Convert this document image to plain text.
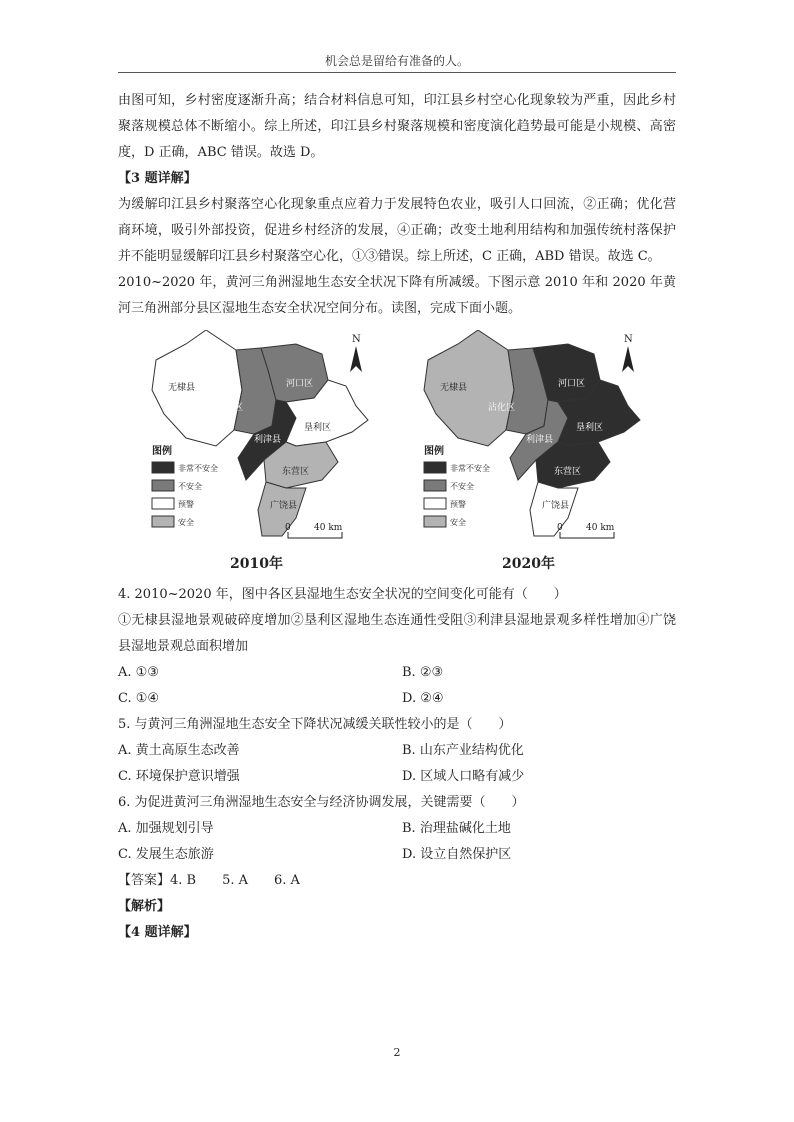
机会总是留给有准备的人。

由图可知，乡村密度逐渐升高；结合材料信息可知，印江县乡村空心化现象较为严重，因此乡村聚落规模总体不断缩小。综上所述，印江县乡村聚落规模和密度演化趋势最可能是小规模、高密度，D 正确，ABC 错误。故选 D。

【3 题详解】

为缓解印江县乡村聚落空心化现象重点应着力于发展特色农业，吸引人口回流，②正确；优化营商环境，吸引外部投资，促进乡村经济的发展，④正确；改变土地利用结构和加强传统村落保护并不能明显缓解印江县乡村聚落空心化，①③错误。综上所述，C 正确，ABD 错误。故选 C。

2010~2020 年，黄河三角洲湿地生态安全状况下降有所减缓。下图示意 2010 年和 2020 年黄河三角洲部分县区湿地生态安全状况空间分布。读图，完成下面小题。

无棣县
沾化区
河口区
利津县
垦利区
东营区
广饶县
N
图例
非常不安全
不安全
预警
安全
0	40 km
2010年
无棣县
沾化区
河口区
利津县
垦利区
东营区
广饶县
N
图例
非常不安全
不安全
预警
安全
0	40 km
2020年

4. 2010~2020 年，图中各区县湿地生态安全状况的空间变化可能有（　　）

①无棣县湿地景观破碎度增加②垦利区湿地生态连通性受阻③利津县湿地景观多样性增加④广饶县湿地景观总面积增加

A. ①③	B. ②③
C. ①④	D. ②④

5. 与黄河三角洲湿地生态安全下降状况减缓关联性较小的是（　　）

A. 黄土高原生态改善	B. 山东产业结构优化
C. 环境保护意识增强	D. 区域人口略有减少

6. 为促进黄河三角洲湿地生态安全与经济协调发展，关键需要（　　）

A. 加强规划引导	B. 治理盐碱化土地
C. 发展生态旅游	D. 设立自然保护区

【答案】4. B　　5. A　　6. A

【解析】

【4 题详解】

2
